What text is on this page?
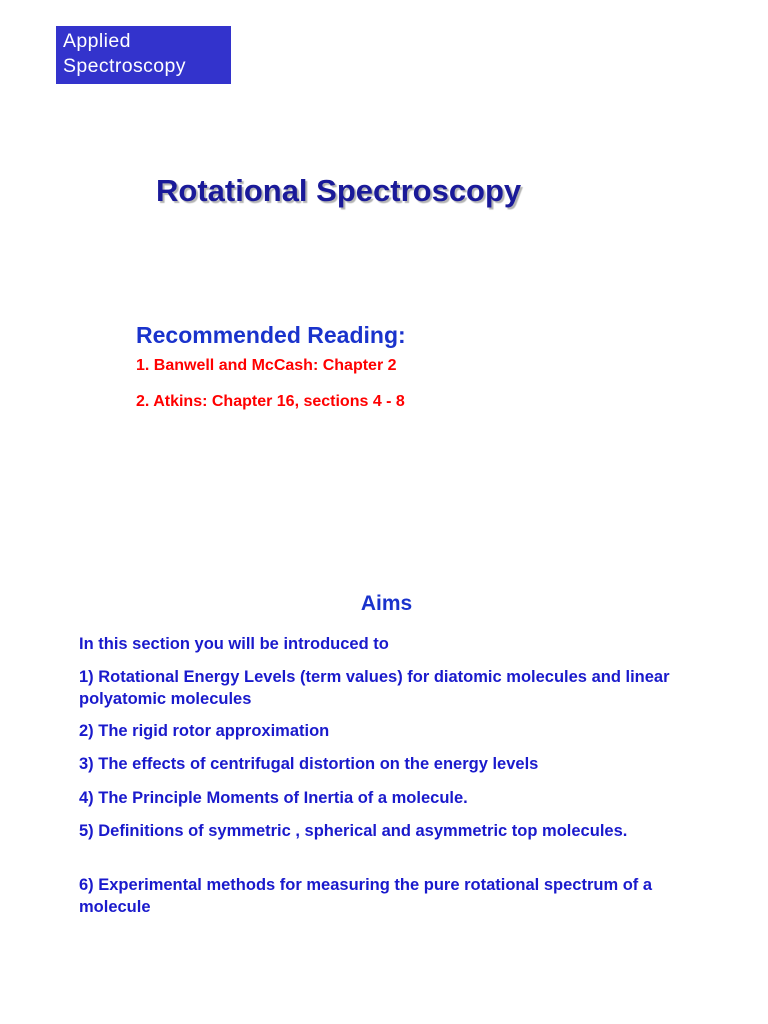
Applied
Spectroscopy
Rotational Spectroscopy
Recommended Reading:

1. Banwell and McCash: Chapter 2

2. Atkins: Chapter 16, sections 4 - 8

Aims

In this section you will be introduced to

1) Rotational Energy Levels (term values) for diatomic molecules and linear polyatomic molecules

2) The rigid rotor approximation

3) The effects of centrifugal distortion on the energy levels

4) The Principle Moments of Inertia of a molecule.

5) Definitions of symmetric , spherical and asymmetric top molecules.

6) Experimental methods for measuring the pure rotational spectrum of a molecule
